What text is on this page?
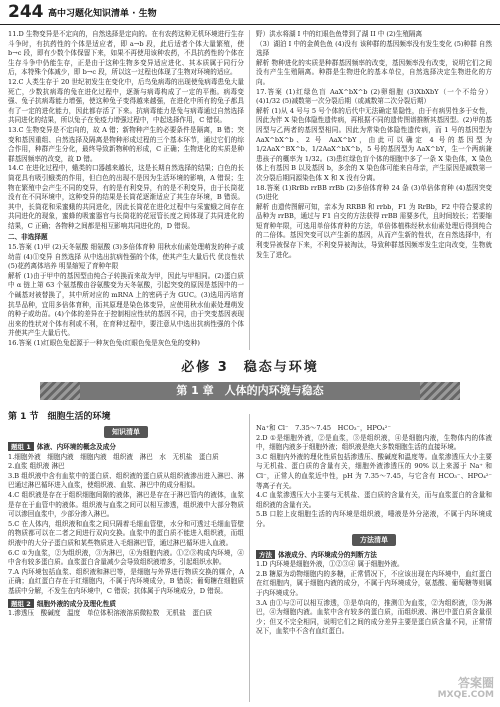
244 高中习题化知识清单 · 生物

11.D 生物变异是不定向的，自然选择是定向的。在有农药这种无机环境进行生存斗争时，有抗药性的个体是适应者，即 a→b 段，此后适者个体大量繁殖，使 b→c 段，即有少数个体保留下来，如果不再使用该种农药，不具抗药性的个体在生存斗争中仍能生存，正是由于这种生物多变异适应进化、其本质属于同行分后，本特殊个体减少，即 b→c 段，所以这一过程也体现了生物对环境的适应。

12.C 人类生存于 20 世纪初发生在变化中，后鸟兔病毒的出现使兔病毒患兔大量死亡，少数抗病毒的兔在进化过程中，逐渐与病毒构成了一定的平衡。病毒变强、兔子抗病毒能力增强，使这种兔子变得越来越强，在进化中所有的兔子都具有了一定的进化能力，因此都存活了下来。抗病毒能力是兔与病毒通过自然选择共同进化的结果，所以兔子在免疫力增强过程中，中起选择作用，C 错误。

13.C 生物变异是不定向的，故 A 错；新物种产生的必要条件是隔离，B 错；突变和基因重组、自然选择及隔离是物种形成过程的三个基本环节，通过它们的综合作用，种群产生分化，最终导致新物种的形成，C 正确；生物进化的实质是种群基因频率的改变，故 D 错。

14.C 在进化过程中，蛾类的口器越来越长，这是长期自然选择的结果；白色的长筒花具有吸引蛾类的作用，但白色的出现不是因为生活环境的影响，A 错误；生物在繁殖中会产生不同的变异，有的是有利变异，有的是不利变异，由于长筒花没有在不同环境中，这种变异的结果是长筒花逐渐适应了其生存环境，B 错误。其中，长筒花和采蜜蛾的共同进化，因此长筒花在进化过程中与采蜜蛾之间存在共同进化的现象，蜜蜂的吸蜜器官与长筒花的花冠管长度之间体现了共同进化的结果，C 正确；各物种之间都是相互影响共同进化的，D 错误。

二、非选择题

15.答案 (1)甲 (2)天冬氨酸 细氨酸 (3)多倍体育种 用秋水仙素处理萌发的种子或幼苗 (4)①变异 自然选择 从中选出抗病性强的个体，使其产生大量后代 优良性状 (5)花药离体培养 明显缩短了育种年限

解析 (1)由于甲中的基因型由纯合子转换而来故为甲，因此与甲相同。(2)蛋白质中 α 链上第 63 个氨基酸由谷氨酸变为天冬氨酸，引起突变的原因是基因中的一个碱基对被替换了，其中所对应的 mRNA 上的密码子为 GUC。(3)选用丙培育抗旱品种，宜用多倍体育种，而其原理是染色体变异，应使用秋水仙素处理萌发的种子或幼苗。(4)个体的差异在于控制相应性状的基因不同，由于突变基因表现出来的性状对个体有利或不利，在育种过程中，要注意从中选出抗病性强的个体并使其产生大量后代。

16.答案 (1)红眼色兔起源于一种灰色兔(红眼色兔是灰色兔的变种)

野）洪水将湖 I 中的红眼色鱼带到了湖 II 中 (2)生殖隔离

（3）湖泊 I 中的金黄色鱼 (4)没有 该种群的基因频率没有发生变化 (5)种群 自然选择

解析 物种进化的实质是种群基因频率的改变，基因频率没有改变，说明它们之间没有产生生殖隔离。种群是生物进化的基本单位，自然选择决定生物进化的方向。

17.答案 (1)红绿色盲 AaX^bX^b (2)卵细胞 (3)XbXbY（一个不给分）(4)1/32 (5)减数第一次分裂后期（或减数第二次分裂后期）

解析 (1)从 4 号与 5 号个体的后代中无法确定显隐性，由于有病男性多于女性，因此为伴 X 染色体隐性遗传病，再根据不同的遗传图谱推断其基因型。(2)甲的基因型与乙两者的基因型相同。因此为常染色体隐性遗传病，而 1 号的基因型为 AaX^bX^b、2 号 AaX^bY，由此可以确定 4 号的基因型为 1/2AaX^BX^b、1/2AaX^bX^b，5 号的基因型为 AaX^bY，生一个两病兼患孩子的概率为 1/32。(3)患红绿色盲个体的细胞中多了一条 X 染色体，X 染色体上有基因 B 以及基因 b，多余的 X 染色体可能来自母亲，产生原因是减数第一次分裂后期同源染色体 X 和 X 没有分离。

18.答案 (1)RrBb rrBB rrBb (2)多倍体育种 24 条 (3)单倍体育种 (4)基因突变 (5)进化

解析 由遗传图解可知，亲本为 RRBB 和 rrbb，F1 为 RrBb，F2 中符合要求的品种为 rrBB，通过与 F1 自交的方法获得 rrBB 需要多代，且时间较长；若要缩短育种年限，可选用单倍体育种的方法，单倍体植株经秋水仙素处理后得到纯合的二倍体。基因突变可以产生新的基因，从而产生新的性状，在自然选择中，有利变异被保存下来，不利变异被淘汰，导致种群基因频率发生定向改变，生物就发生了进化。

必修 3　稳态与环境
第 1 章　人体的内环境与稳态
第 1 节　细胞生活的环境
知识清单

题组 1 体液、内环境的概念及成分

1.细胞外液　细胞内液　细胞内液　组织液　淋巴　水　无机盐　蛋白质

2.血浆 组织液 淋巴

3.B 组织液中含有血浆中的蛋白质、组织液的蛋白质从组织液渗出进入淋巴、淋巴通过淋巴循环进入血浆，使组织液、血浆、淋巴中的成分相似。

4.C 组织液是存在于组织细胞间隙的液体，淋巴是存在于淋巴管内的液体，血浆是存在于血管中的液体。组织液与血浆之间可以相互渗透，组织液中大部分物质可以渗回血浆中，少部分渗入淋巴。

5.C 在人体内，组织液和血浆之间只隔着毛细血管壁，水分和可透过毛细血管壁的物质都可以在二者之间进行双向交换。血浆中的蛋白质不能进入组织液，而组织液中的大分子蛋白质和某些物质进入毛细淋巴管，通过淋巴循环进入血液。

6.C ①为血浆，②为组织液，③为淋巴，④为细胞内液。①②③构成内环境，④中含有较多蛋白质。血浆蛋白含量减少会导致组织液增多，引起组织水肿。

7.A 内环境包括血浆、组织液和淋巴等，是细胞与外界进行物质交换的媒介，A 正确；血红蛋白存在于红细胞内，不属于内环境成分，B 错误；葡萄糖在细胞质基质中分解，不发生在内环境中，C 错误；抗体属于内环境成分，D 错误。

题组 2 细胞外液的成分及理化性质

1.渗透压　酸碱度　温度　单位体积溶液溶质微粒数　无机盐　蛋白质

Na⁺和 Cl⁻　7.35～7.45　HCO₃⁻，HPO₄²⁻

2.D ①是细胞外液，②是血浆，③是组织液，④是细胞内液，生物体内的体液中，细胞内液多于细胞外液；组织液是绝大多数细胞生活的直接环境。

3.C 细胞内外液的理化性质包括渗透压、酸碱度和温度等。血浆渗透压大小主要与无机盐、蛋白质的含量有关，细胞外液渗透压的 90% 以上来源于 Na⁺ 和 Cl⁻，正常人的血浆近中性，pH 为 7.35～7.45，与它含有 HCO₃⁻、HPO₄²⁻ 等离子有关。

4.C 血浆渗透压大小主要与无机盐、蛋白质的含量有关，而与血浆蛋白的含量和组织液的含量有关。

5.B 口腔上皮细胞生活的内环境是组织液，唾液是外分泌液，不属于内环境成分。

方法清单

方法 体液成分、内环境成分的判断方法

1.D 内环境是细胞外液，①②③④ 属于细胞外液。

2.B 糖原为动物细胞内的多糖，正常情况下，不应该出现在内环境中，血红蛋白在红细胞内，属于细胞内液的成分，不属于内环境成分，氨基酸、葡萄糖等则属于内环境成分。

3.A 由①与②可以相互渗透，③是单向的，推测①为血浆，②为组织液，③为淋巴，④为细胞内液。血浆中含有较多的蛋白质，而组织液、淋巴中蛋白质含量很少；但又不完全相同，说明它们之间的成分差异主要是蛋白质含量不同，正常情况下，血浆中不含有血红蛋白。

答案圈
MXQE.COM
